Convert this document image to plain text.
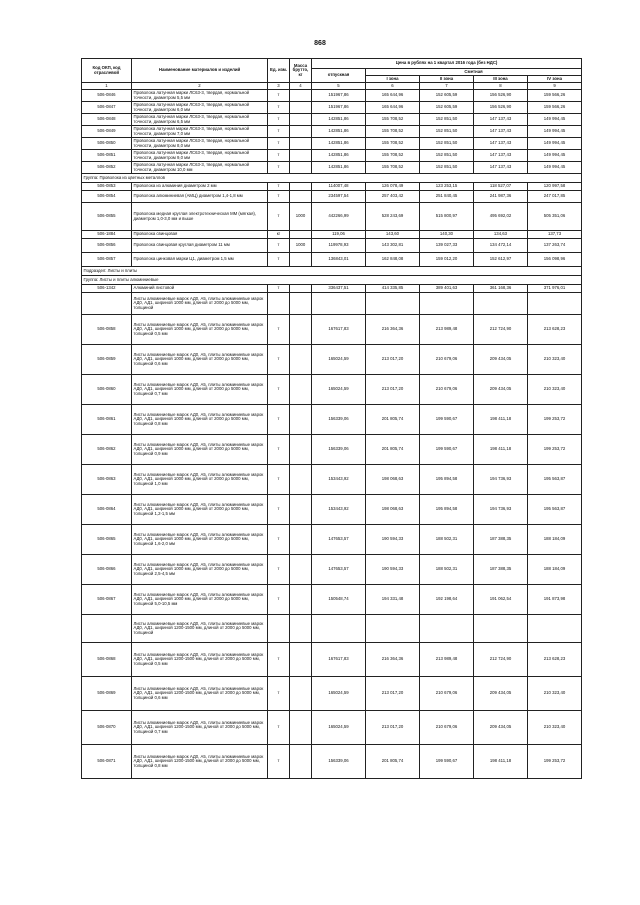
868
Код ОКП, код отраслевой	Наименование материалов и изделий	Ед. изм.	Масса брутто, кг	Цена в рублях на 1 квартал 2016 года (без НДС)				
				отпускная	Сметная			
					I зона	II зона	III зона	IV зона
1	2	3	4	5	6	7	8	9
506-0846	Проволока латунная марки ЛС63-3, твердая, нормальной точности, диаметром 5,5 мм	т		151967,86	165 644,96	152 605,59	156 526,90	159 566,26
506-0847	Проволока латунная марки ЛС63-3, твердая, нормальной точности, диаметром 6,0 мм	т		151967,86	165 644,96	152 605,59	156 526,90	159 566,26
506-0848	Проволока латунная марки ЛС63-3, твердая, нормальной точности, диаметром 6,5 мм	т		142851,86	155 708,52	152 851,50	147 137,43	149 994,45
506-0849	Проволока латунная марки ЛС63-3, твердая, нормальной точности, диаметром 7,0 мм	т		142851,86	155 708,52	152 851,50	147 137,43	149 994,45
506-0850	Проволока латунная марки ЛС63-3, твердая, нормальной точности, диаметром 8,0 мм	т		142851,86	155 708,52	152 851,50	147 137,43	149 994,45
506-0851	Проволока латунная марки ЛС63-3, твердая, нормальной точности, диаметром 9,0 мм	т		142851,86	155 708,52	152 851,50	147 137,43	149 994,45
506-0852	Проволока латунная марки ЛС63-3, твердая, нормальной точности, диаметром 10,0 мм	т		142851,86	155 708,52	152 851,50	147 137,43	149 994,45
Группа: Проволока из цветных металлов								
506-0853	Проволока из алюминия диаметром 2 мм	т		114007,48	126 078,49	123 253,15	118 527,07	120 997,58
506-0854	Проволока алюминиевая (АМЦ) диаметром 1,4-1,8 мм	т		234597,54	257 403,42	251 840,45	241 987,36	247 017,85
506-0855	Проволока медная круглая электротехническая ММ (мягкая), диаметром 1,0-3,0 мм и выше	т	1000	442266,99	528 243,69	515 800,97	495 692,02	505 351,06
506-1884	Проволока свинцовая	кг		119,06	143,60	140,30	134,63	137,73
506-0856	Проволока свинцовая круглая диаметром 11 мм	т	1000	119978,93	143 302,81	139 027,33	134 472,14	137 263,74
506-0857	Проволока цинковая марки Ц1, диаметром 1,5 мм	т		136843,01	162 848,08	159 012,20	152 612,97	156 098,96
Подраздел: Листы и плиты								
Группа: Листы и плиты алюминиевые								
506-1342	Алюминий листовой	т		336437,51	414 335,85	389 401,63	361 168,36	371 976,01
	Листы алюминиевые марок АД0, А5, плиты алюминиевые марок АД0, АД1, шириной 1000 мм, длиной от 2000 до 5000 мм, толщиной							
506-0858	Листы алюминиевые марок АД0, А5, плиты алюминиевые марок АД0, АД1, шириной 1000 мм, длиной от 2000 до 5000 мм, толщиной 0,5 мм	т		167617,83	216 364,36	213 989,48	212 724,90	213 628,23
506-0859	Листы алюминиевые марок АД0, А5, плиты алюминиевые марок АД0, АД1, шириной 1000 мм, длиной от 2000 до 5000 мм, толщиной 0,6 мм	т		165024,59	213 017,20	210 679,06	209 434,05	210 323,40
506-0860	Листы алюминиевые марок АД0, А5, плиты алюминиевые марок АД0, АД1, шириной 1000 мм, длиной от 2000 до 5000 мм, толщиной 0,7 мм	т		165024,59	213 017,20	210 679,06	209 434,05	210 323,40
506-0861	Листы алюминиевые марок АД0, А5, плиты алюминиевые марок АД0, АД1, шириной 1000 мм, длиной от 2000 до 5000 мм, толщиной 0,8 мм	т		156339,06	201 805,74	199 590,67	198 411,18	199 253,72
506-0862	Листы алюминиевые марок АД0, А5, плиты алюминиевые марок АД0, АД1, шириной 1000 мм, длиной от 2000 до 5000 мм, толщиной 0,9 мм	т		156339,06	201 805,74	199 590,67	198 411,18	199 253,72
506-0863	Листы алюминиевые марок АД0, А5, плиты алюминиевые марок АД0, АД1, шириной 1000 мм, длиной от 2000 до 5000 мм, толщиной 1,0 мм	т		153443,92	198 068,63	195 894,58	194 736,93	195 563,87
506-0864	Листы алюминиевые марок АД0, А5, плиты алюминиевые марок АД0, АД1, шириной 1000 мм, длиной от 2000 до 5000 мм, толщиной 1,2-1,5 мм	т		153443,92	198 068,63	195 894,58	194 736,93	195 563,87
506-0865	Листы алюминиевые марок АД0, А5, плиты алюминиевые марок АД0, АД1, шириной 1000 мм, длиной от 2000 до 5000 мм, толщиной 1,6-2,0 мм	т		147653,57	190 594,33	188 502,31	187 388,35	188 184,09
506-0866	Листы алюминиевые марок АД0, А5, плиты алюминиевые марок АД0, АД1, шириной 1000 мм, длиной от 2000 до 5000 мм, толщиной 2,5-4,5 мм	т		147653,57	190 594,33	188 502,31	187 388,35	188 184,09
506-0867	Листы алюминиевые марок АД0, А5, плиты алюминиевые марок АД0, АД1, шириной 1000 мм, длиной от 2000 до 5000 мм, толщиной 5,0-10,5 мм	т		150548,74	194 331,48	192 198,64	191 062,54	191 873,98
	Листы алюминиевые марок АД0, А5, плиты алюминиевые марок АД0, АД1, шириной 1200-1500 мм, длиной от 2000 до 5000 мм, толщиной							
506-0868	Листы алюминиевые марок АД0, А5, плиты алюминиевые марок АД0, АД1, шириной 1200-1500 мм, длиной от 2000 до 5000 мм, толщиной 0,5 мм	т		167617,83	216 364,36	213 989,48	212 724,90	213 628,23
506-0869	Листы алюминиевые марок АД0, А5, плиты алюминиевые марок АД0, АД1, шириной 1200-1500 мм, длиной от 2000 до 5000 мм, толщиной 0,6 мм	т		165024,59	213 017,20	210 679,06	209 434,05	210 323,40
506-0870	Листы алюминиевые марок АД0, А5, плиты алюминиевые марок АД0, АД1, шириной 1200-1500 мм, длиной от 2000 до 5000 мм, толщиной 0,7 мм	т		165024,59	213 017,20	210 679,06	209 434,05	210 323,40
506-0871	Листы алюминиевые марок АД0, А5, плиты алюминиевые марок АД0, АД1, шириной 1200-1500 мм, длиной от 2000 до 5000 мм, толщиной 0,8 мм	т		156339,06	201 805,74	199 590,67	198 411,18	199 253,72
